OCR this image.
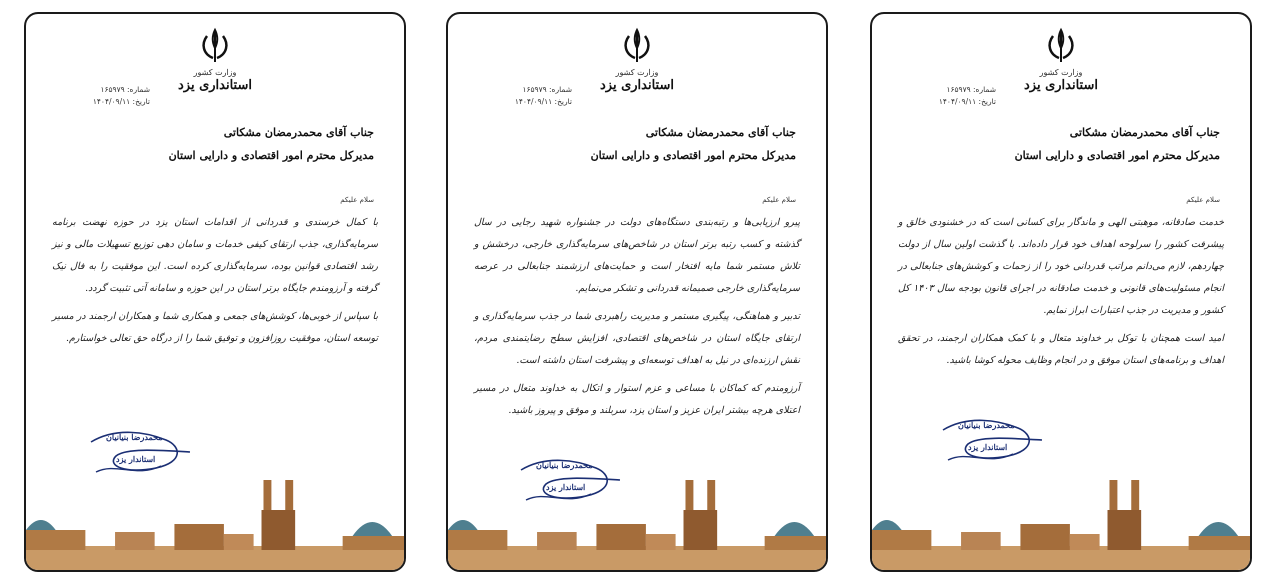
وزارت کشور
استانداری یزد
شماره: ۱۶۵۹۷۹
تاریخ: ۱۴۰۴/۰۹/۱۱
جناب آقای محمدرمضان مشکاتی
مدیرکل محترم امور اقتصادی و دارایی استان
سلام علیکم

با کمال خرسندی و قدردانی از اقدامات استان یزد در حوزه نهضت برنامه سرمایه‌گذاری، جذب ارتقای کیفی خدمات و سامان دهی توزیع تسهیلات مالی و نیز رشد اقتصادی قوانین بوده، سرمایه‌گذاری کرده است. این موفقیت را به فال نیک گرفته و آرزومندم جایگاه برتر استان در این حوزه و سامانه آتی تثبیت گردد.

با سپاس از خوبی‌ها، کوشش‌های جمعی و همکاری شما و همکاران ارجمند در مسیر توسعه استان، موفقیت روزافزون و توفیق شما را از درگاه حق تعالی خواستارم.

محمدرضا بنیانیان
استاندار یزد
وزارت کشور
استانداری یزد
شماره: ۱۶۵۹۷۹
تاریخ: ۱۴۰۴/۰۹/۱۱
جناب آقای محمدرمضان مشکاتی
مدیرکل محترم امور اقتصادی و دارایی استان
سلام علیکم

پیرو ارزیابی‌ها و رتبه‌بندی دستگاه‌های دولت در جشنواره شهید رجایی در سال گذشته و کسب رتبه برتر استان در شاخص‌های سرمایه‌گذاری خارجی، درخشش و تلاش مستمر شما مایه افتخار است و حمایت‌های ارزشمند جنابعالی در عرصه سرمایه‌گذاری خارجی صمیمانه قدردانی و تشکر می‌نمایم.

تدبیر و هماهنگی، پیگیری مستمر و مدیریت راهبردی شما در جذب سرمایه‌گذاری و ارتقای جایگاه استان در شاخص‌های اقتصادی، افزایش سطح رضایتمندی مردم، نقش ارزنده‌ای در نیل به اهداف توسعه‌ای و پیشرفت استان داشته است.

آرزومندم که کماکان با مساعی و عزم استوار و اتکال به خداوند متعال در مسیر اعتلای هرچه بیشتر ایران عزیز و استان یزد، سربلند و موفق و پیروز باشید.

محمدرضا بنیانیان
استاندار یزد
وزارت کشور
استانداری یزد
شماره: ۱۶۵۹۷۹
تاریخ: ۱۴۰۴/۰۹/۱۱
جناب آقای محمدرمضان مشکاتی
مدیرکل محترم امور اقتصادی و دارایی استان
سلام علیکم

خدمت صادقانه، موهبتی الهی و ماندگار برای کسانی است که در خشنودی خالق و پیشرفت کشور را سرلوحه اهداف خود قرار داده‌اند. با گذشت اولین سال از دولت چهاردهم، لازم می‌دانم مراتب قدردانی خود را از زحمات و کوشش‌های جنابعالی در انجام مسئولیت‌های قانونی و خدمت صادقانه در اجرای قانون بودجه سال ۱۴۰۳ کل کشور و مدیریت در جذب اعتبارات ابراز نمایم.

امید است همچنان با توکل بر خداوند متعال و با کمک همکاران ارجمند، در تحقق اهداف و برنامه‌های استان موفق و در انجام وظایف محوله کوشا باشید.

محمدرضا بنیانیان
استاندار یزد
